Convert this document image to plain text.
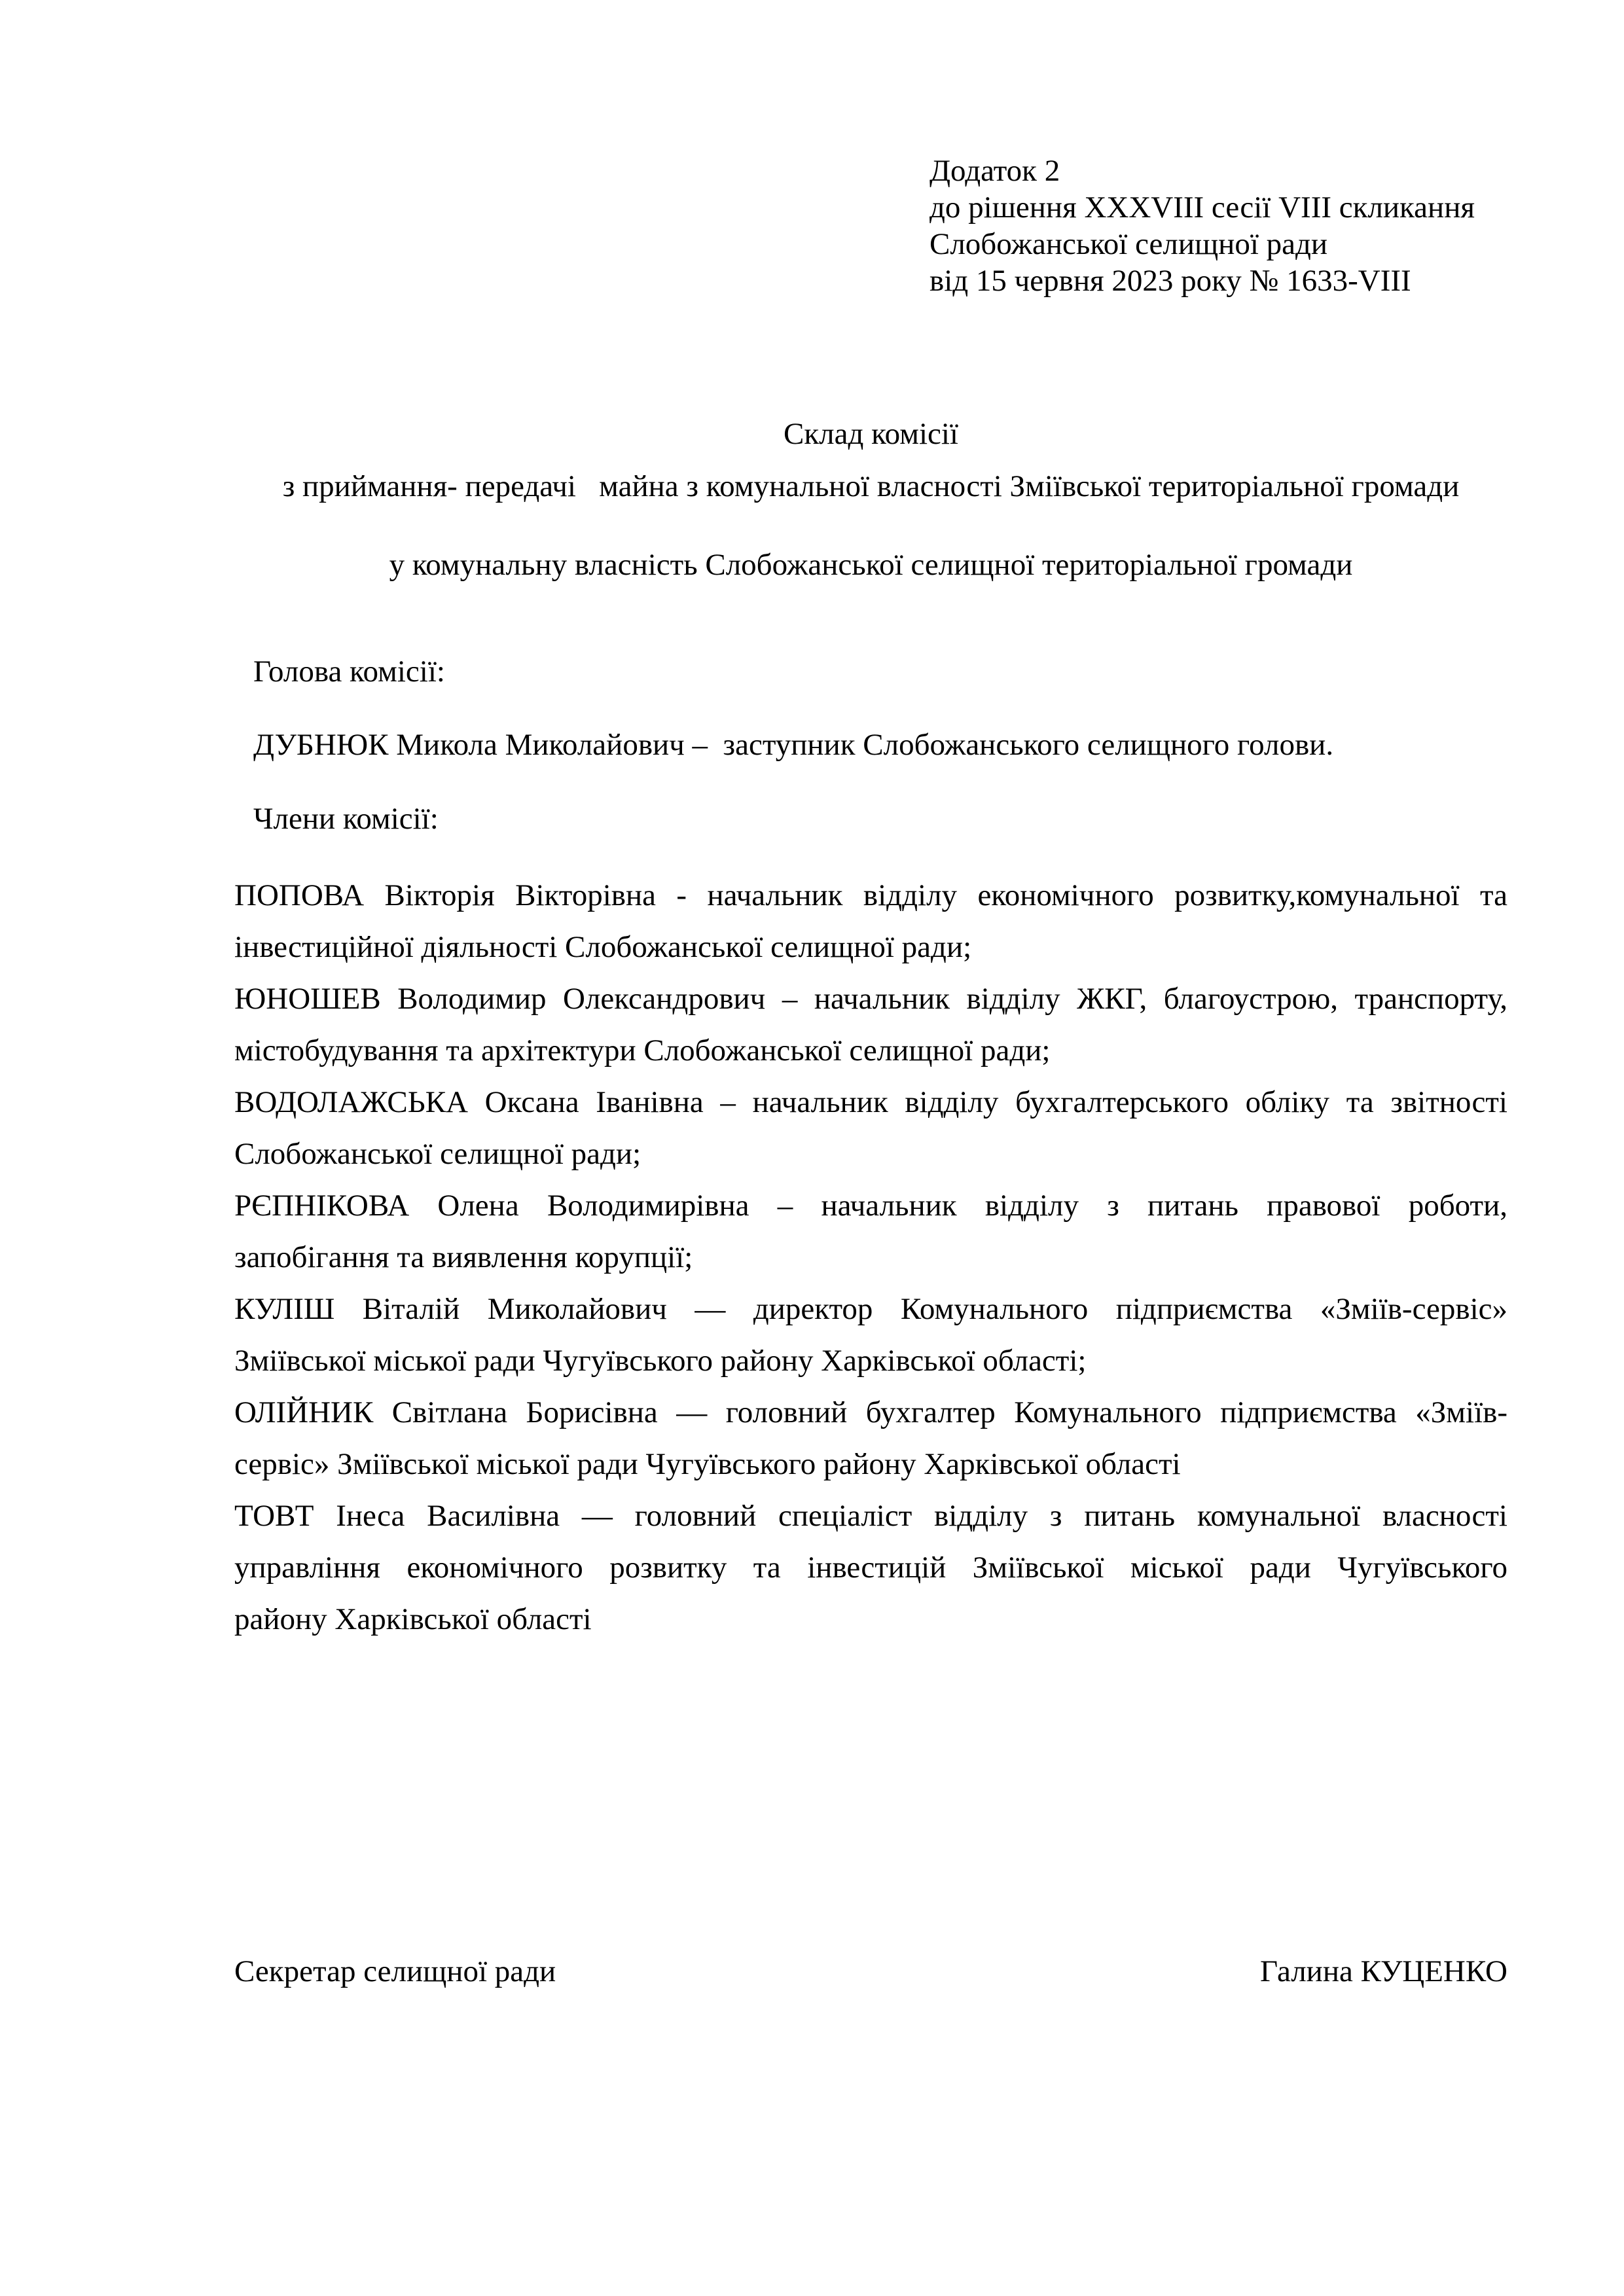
Додаток 2
до рішення XXXVIII сесії VIII скликання
Слобожанської селищної ради
від 15 червня 2023 року № 1633-VIII
Склад комісії
з приймання- передачі   майна з комунальної власності Зміївської територіальної громади
у комунальну власність Слобожанської селищної територіальної громади
Голова комісії:
ДУБНЮК Микола Миколайович –  заступник Слобожанського селищного голови.
Члени комісії:
ПОПОВА Вікторія Вікторівна - начальник відділу економічного розвитку,комунальної та
інвестиційної діяльності Слобожанської селищної ради;
ЮНОШЕВ Володимир Олександрович – начальник відділу ЖКГ, благоустрою, транспорту,
містобудування та архітектури Слобожанської селищної ради;
ВОДОЛАЖСЬКА Оксана Іванівна – начальник відділу бухгалтерського обліку та звітності
Слобожанської селищної ради;
РЄПНІКОВА Олена Володимирівна – начальник відділу з питань правової роботи,
запобігання та виявлення корупції;
КУЛІШ Віталій Миколайович — директор Комунального підприємства «Зміїв-сервіс»
Зміївської міської ради Чугуївського району Харківської області;
ОЛІЙНИК Світлана Борисівна — головний бухгалтер Комунального підприємства «Зміїв-
сервіс» Зміївської міської ради Чугуївського району Харківської області
ТОВТ Інеса Василівна — головний спеціаліст відділу з питань комунальної власності
управління економічного розвитку та інвестицій Зміївської міської ради Чугуївського
району Харківської області
Секретар селищної ради	Галина КУЦЕНКО
